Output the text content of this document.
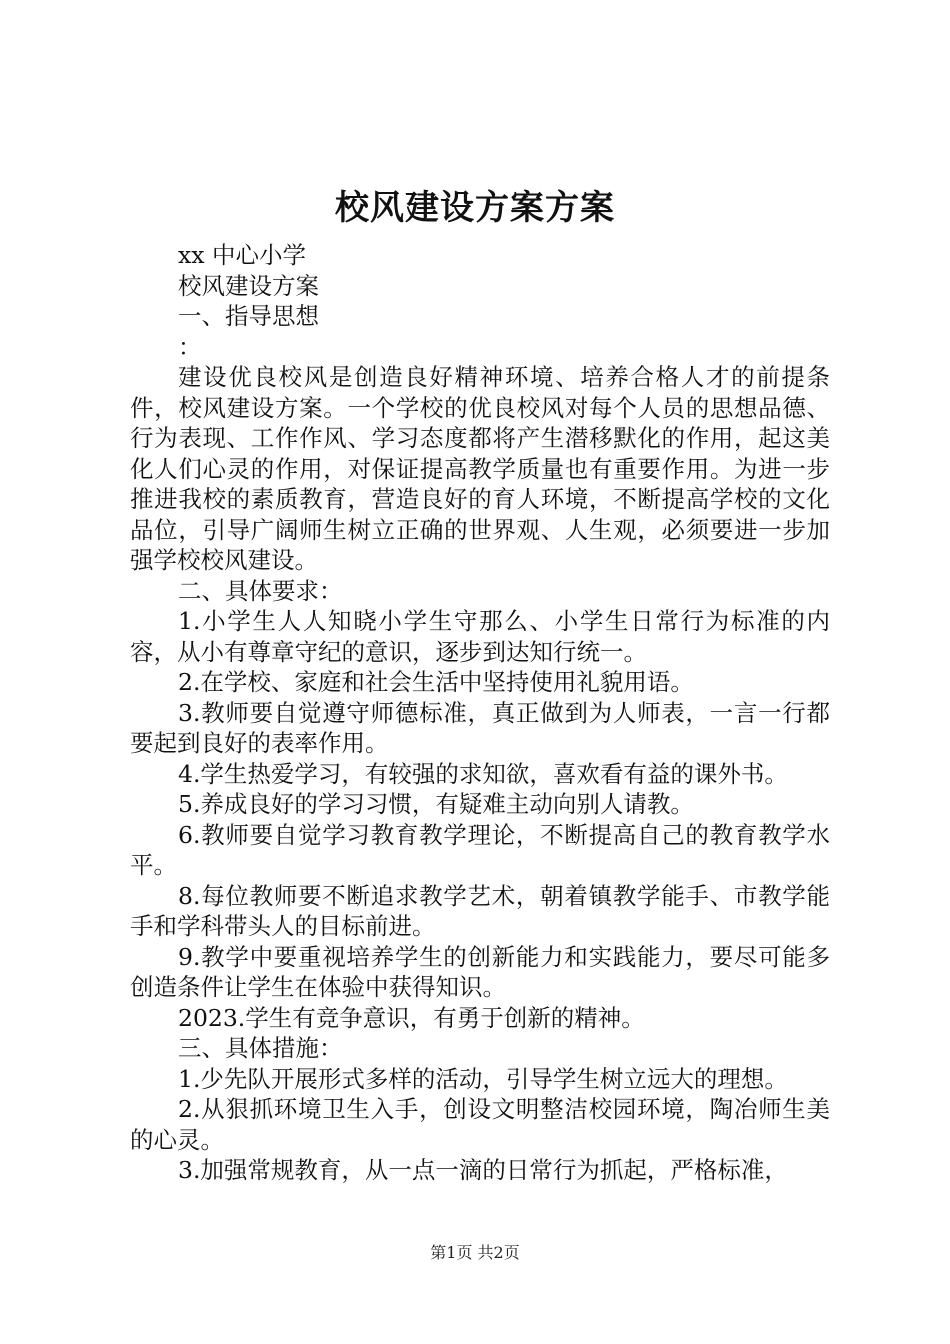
校风建设方案方案

xx 中心小学

校风建设方案

一、指导思想

：

建设优良校风是创造良好精神环境、培养合格人才的前提条件，校风建设方案。一个学校的优良校风对每个人员的思想品德、行为表现、工作作风、学习态度都将产生潜移默化的作用，起这美化人们心灵的作用，对保证提高教学质量也有重要作用。为进一步推进我校的素质教育，营造良好的育人环境，不断提高学校的文化品位，引导广阔师生树立正确的世界观、人生观，必须要进一步加强学校校风建设。

二、具体要求：

1.小学生人人知晓小学生守那么、小学生日常行为标准的内容，从小有尊章守纪的意识，逐步到达知行统一。

2.在学校、家庭和社会生活中坚持使用礼貌用语。

3.教师要自觉遵守师德标准，真正做到为人师表，一言一行都要起到良好的表率作用。

4.学生热爱学习，有较强的求知欲，喜欢看有益的课外书。

5.养成良好的学习习惯，有疑难主动向别人请教。

6.教师要自觉学习教育教学理论，不断提高自己的教育教学水平。

8.每位教师要不断追求教学艺术，朝着镇教学能手、市教学能手和学科带头人的目标前进。

9.教学中要重视培养学生的创新能力和实践能力，要尽可能多创造条件让学生在体验中获得知识。

2023.学生有竞争意识，有勇于创新的精神。

三、具体措施：

1.少先队开展形式多样的活动，引导学生树立远大的理想。

2.从狠抓环境卫生入手，创设文明整洁校园环境，陶冶师生美的心灵。

3.加强常规教育，从一点一滴的日常行为抓起，严格标准，

第1页 共2页
